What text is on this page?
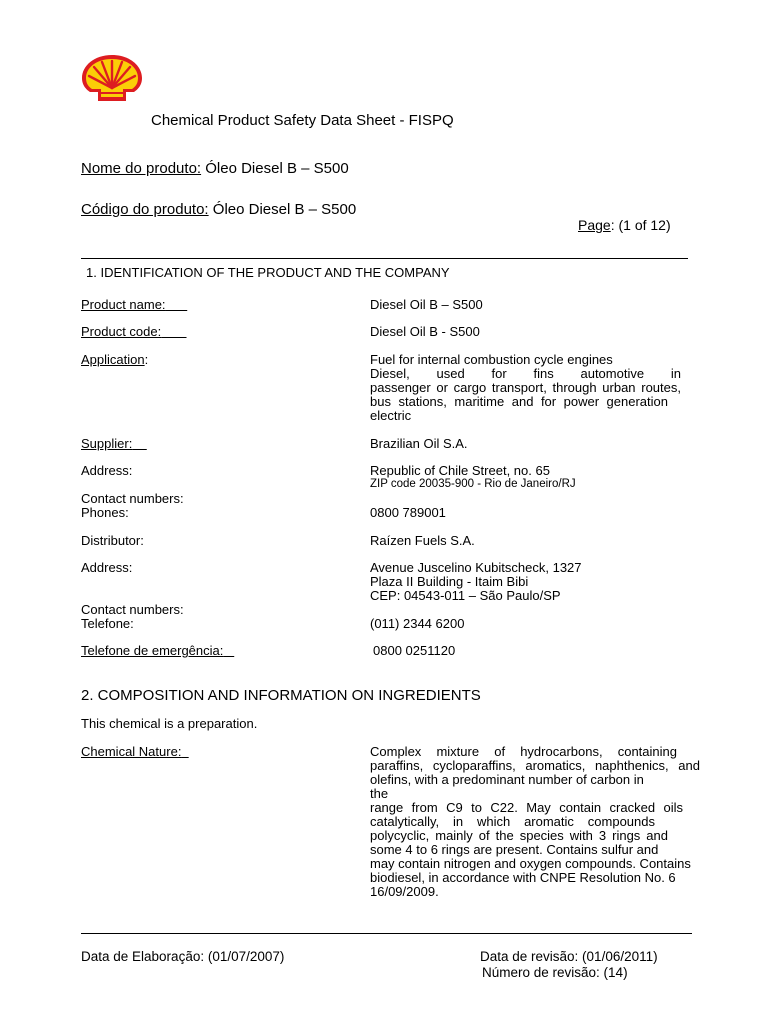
Chemical Product Safety Data Sheet - FISPQ
Nome do produto: Óleo Diesel B – S500
Código do produto: Óleo Diesel B – S500
Page: (1 of 12)
1. IDENTIFICATION OF THE PRODUCT AND THE COMPANY
Product name:	Diesel Oil B – S500
Product code:	Diesel Oil B - S500
Application:	Fuel for internal combustion cycle engines
Diesel, used for fins automotive in
passenger or cargo transport, through urban routes,
bus stations, maritime and for power generation
electric
Supplier:	Brazilian Oil S.A.
Address:	Republic of Chile Street, no. 65
ZIP code 20035-900 - Rio de Janeiro/RJ
Contact numbers:
Phones:	0800 789001
Distributor:	Raízen Fuels S.A.
Address:	Avenue Juscelino Kubitscheck, 1327
Plaza II Building - Itaim Bibi
CEP: 04543-011 – São Paulo/SP
Contact numbers:
Telefone:	(011) 2344 6200
Telefone de emergência:	0800 0251120
2. COMPOSITION AND INFORMATION ON INGREDIENTS
This chemical is a preparation.
Chemical Nature:	Complex mixture of hydrocarbons, containing
paraffins, cycloparaffins, aromatics, naphthenics, and
olefins, with a predominant number of carbon in the
range from C9 to C22. May contain cracked oils
catalytically, in which aromatic compounds
polycyclic, mainly of the species with 3 rings and
some 4 to 6 rings are present. Contains sulfur and
may contain nitrogen and oxygen compounds. Contains
biodiesel, in accordance with CNPE Resolution No. 6
16/09/2009.
Data de Elaboração: (01/07/2007)	Data de revisão: (01/06/2011)
Número de revisão: (14)
